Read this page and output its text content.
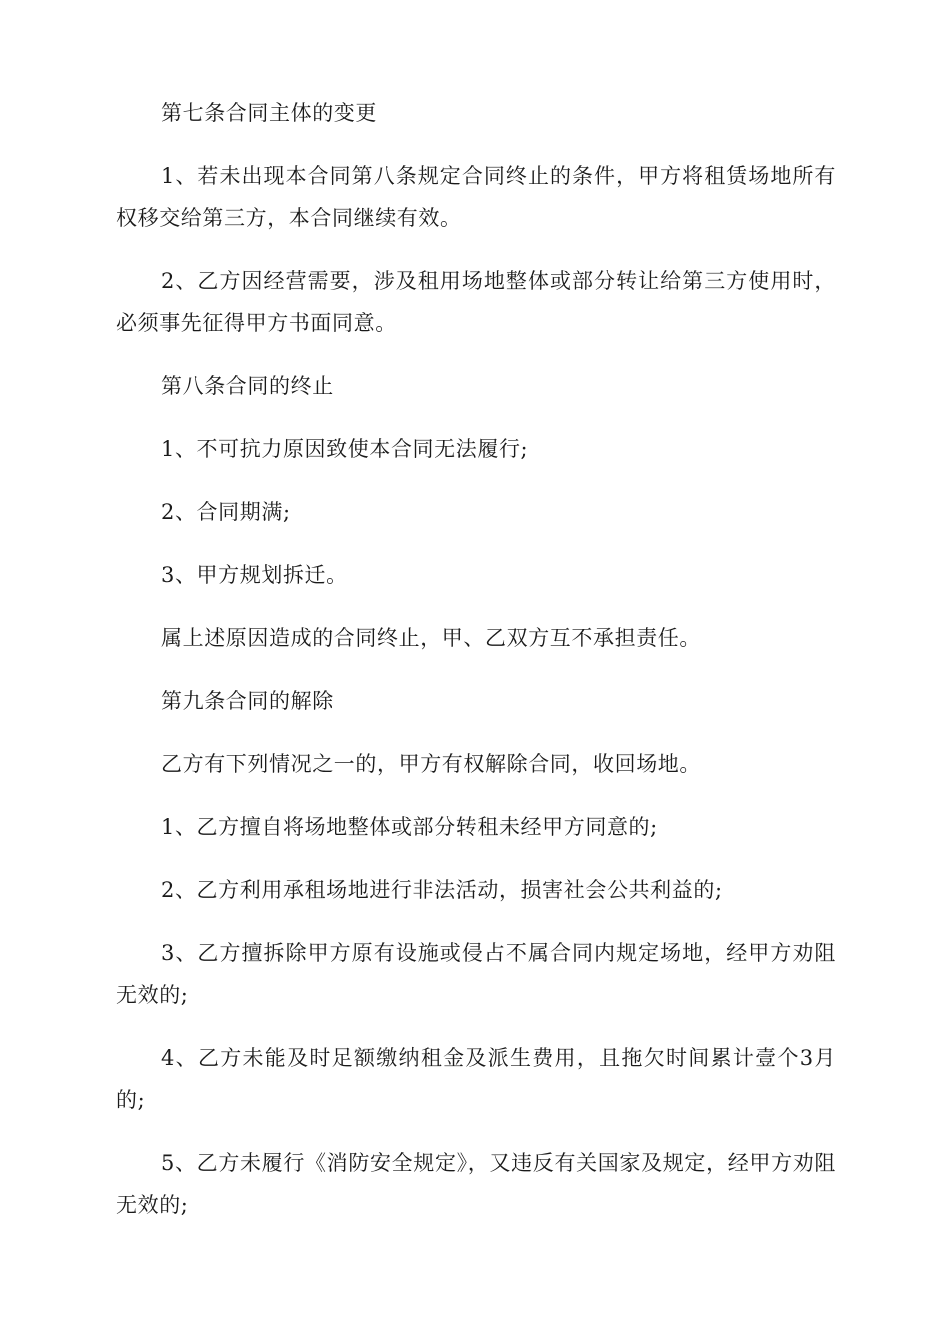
第七条合同主体的变更

1、若未出现本合同第八条规定合同终止的条件，甲方将租赁场地所有权移交给第三方，本合同继续有效。

2、乙方因经营需要，涉及租用场地整体或部分转让给第三方使用时，必须事先征得甲方书面同意。

第八条合同的终止

1、不可抗力原因致使本合同无法履行;

2、合同期满;

3、甲方规划拆迁。

属上述原因造成的合同终止，甲、乙双方互不承担责任。

第九条合同的解除

乙方有下列情况之一的，甲方有权解除合同，收回场地。

1、乙方擅自将场地整体或部分转租未经甲方同意的;

2、乙方利用承租场地进行非法活动，损害社会公共利益的;

3、乙方擅拆除甲方原有设施或侵占不属合同内规定场地，经甲方劝阻无效的;

4、乙方未能及时足额缴纳租金及派生费用，且拖欠时间累计壹个3月的;

5、乙方未履行《消防安全规定》，又违反有关国家及规定，经甲方劝阻无效的;
